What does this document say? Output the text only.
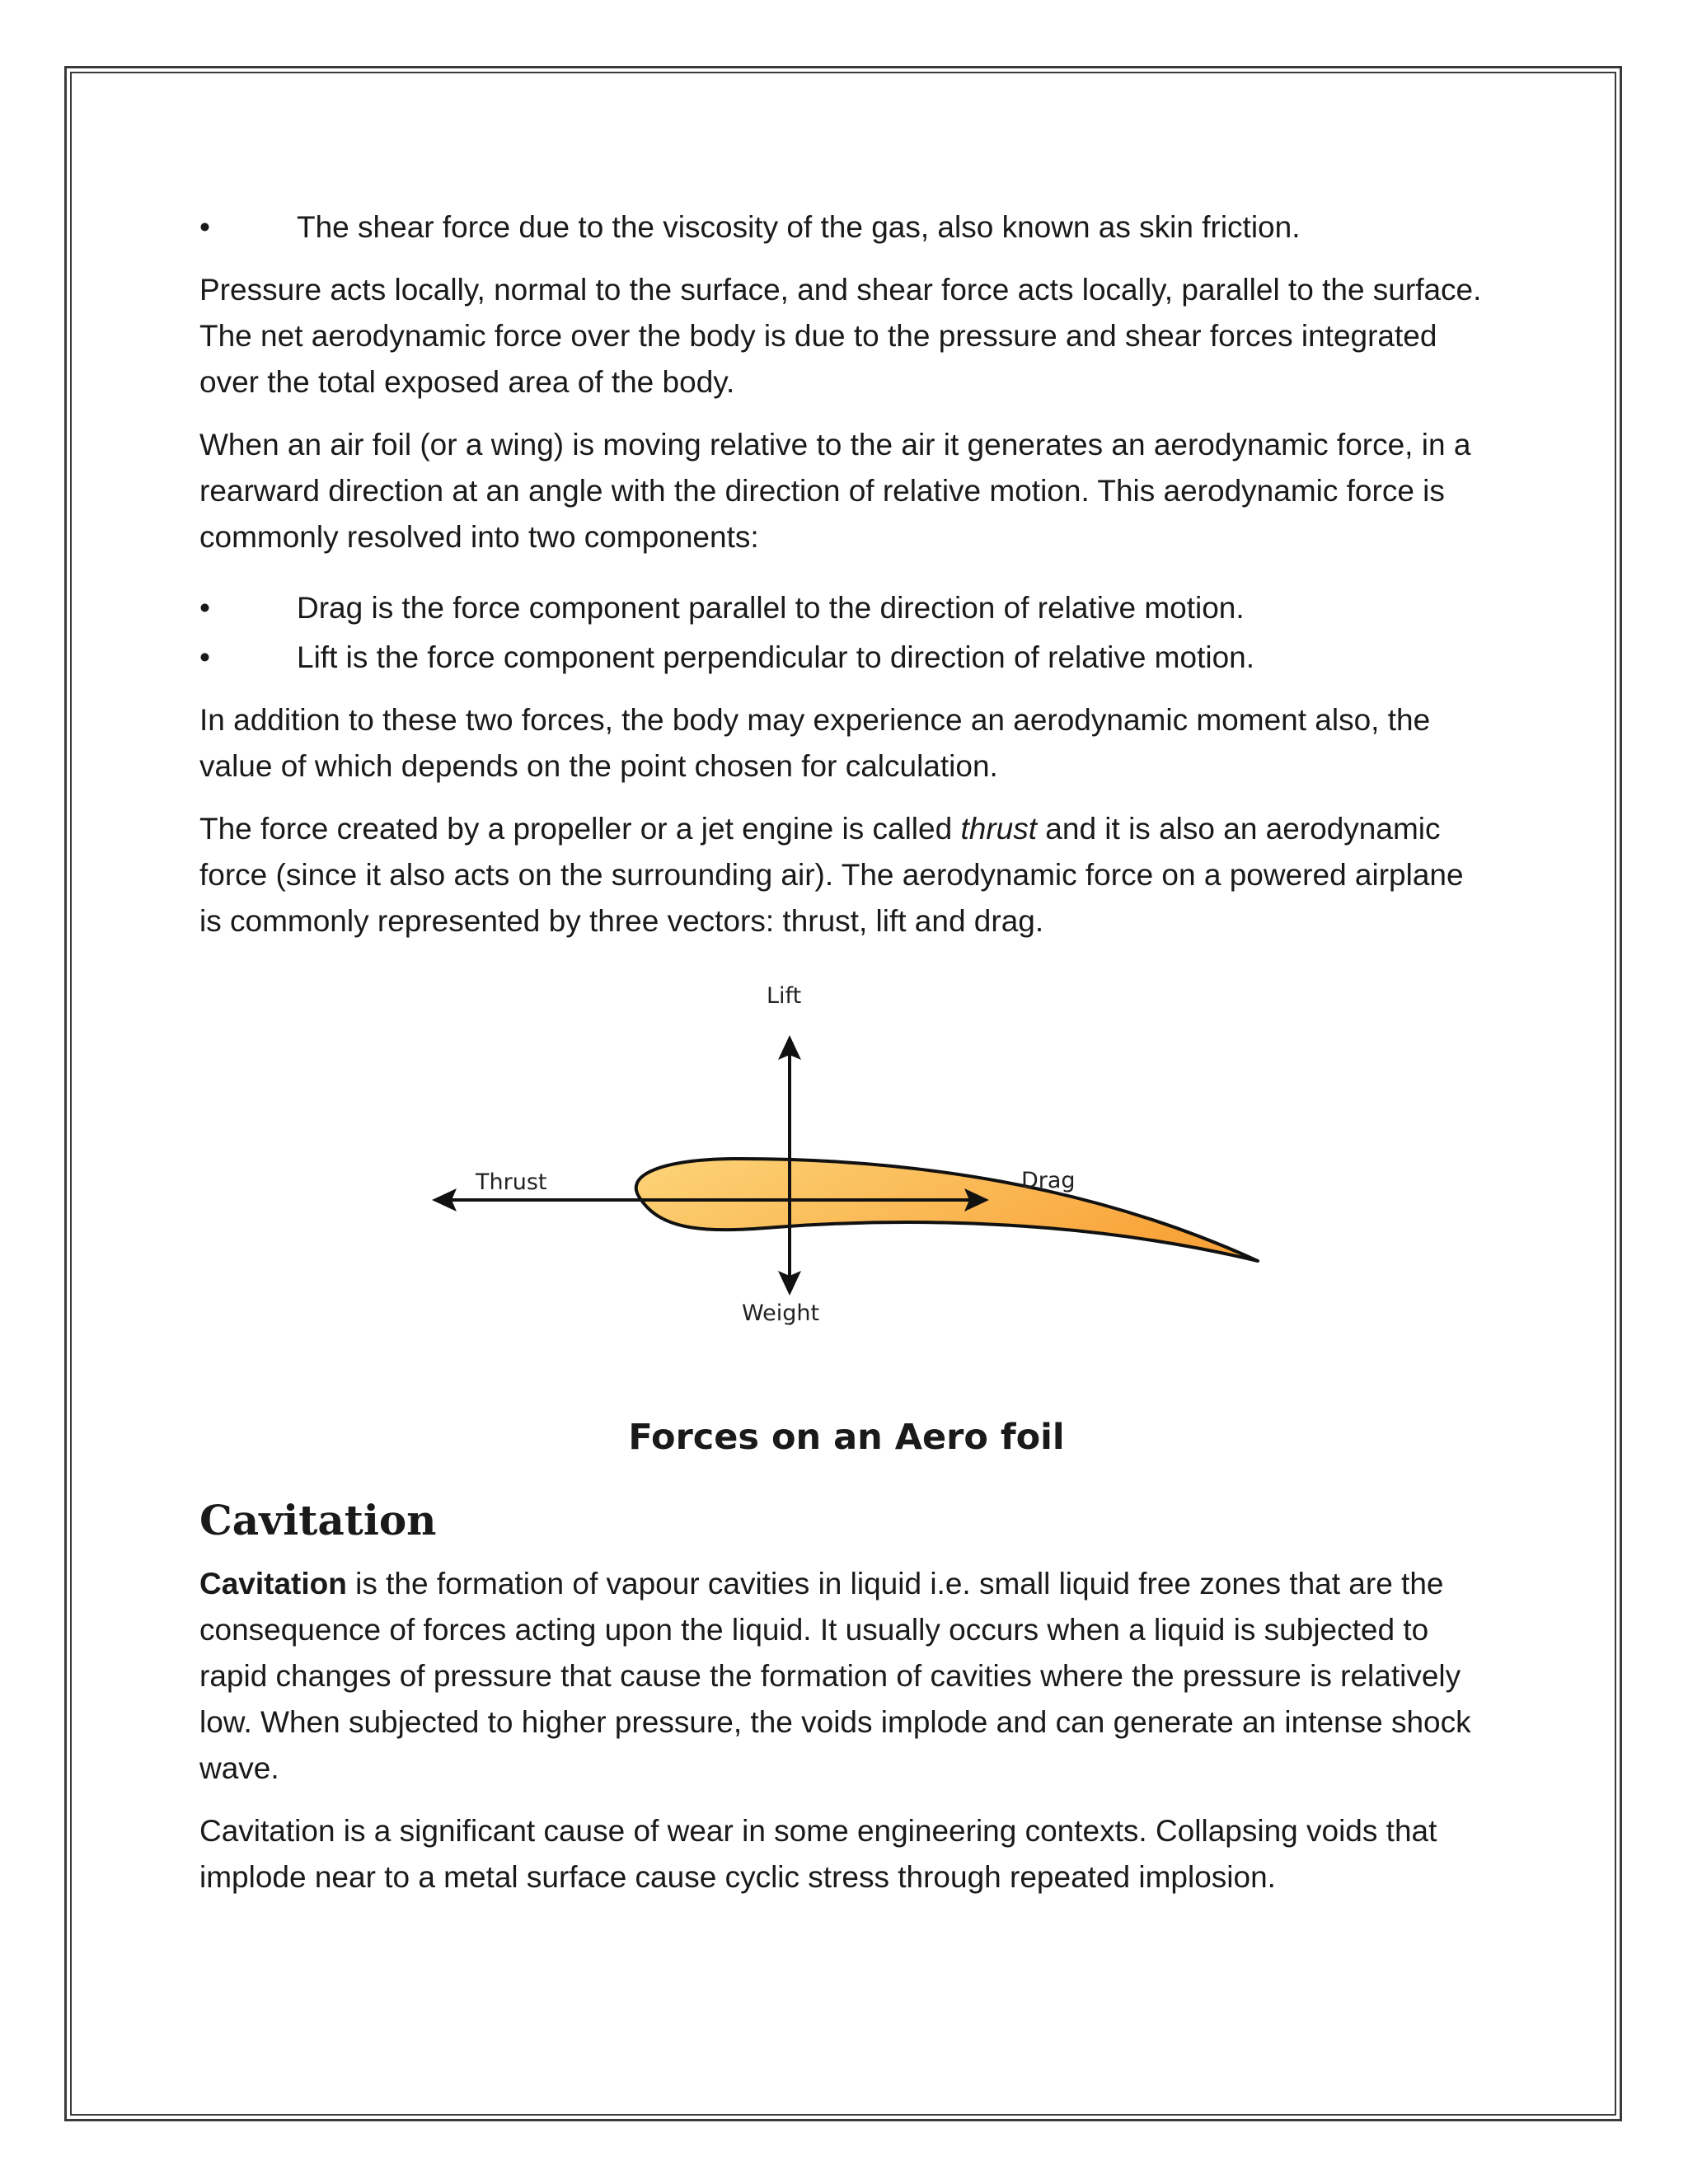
•	The shear force due to the viscosity of the gas, also known as skin friction.

Pressure acts locally, normal to the surface, and shear force acts locally, parallel to the surface. The net aerodynamic force over the body is due to the pressure and shear forces integrated over the total exposed area of the body.

When an air foil (or a wing) is moving relative to the air it generates an aerodynamic force, in a rearward direction at an angle with the direction of relative motion. This aerodynamic force is commonly resolved into two components:

•	Drag is the force component parallel to the direction of relative motion.
•	Lift is the force component perpendicular to direction of relative motion.

In addition to these two forces, the body may experience an aerodynamic moment also, the value of which depends on the point chosen for calculation.

The force created by a propeller or a jet engine is called thrust and it is also an aerodynamic force (since it also acts on the surrounding air). The aerodynamic force on a powered airplane is commonly represented by three vectors: thrust, lift and drag.

Lift
Thrust	Drag
Weight
Forces on an Aero foil
Cavitation

Cavitation is the formation of vapour cavities in liquid i.e. small liquid free zones that are the consequence of forces acting upon the liquid. It usually occurs when a liquid is subjected to rapid changes of pressure that cause the formation of cavities where the pressure is relatively low. When subjected to higher pressure, the voids implode and can generate an intense shock wave.

Cavitation is a significant cause of wear in some engineering contexts. Collapsing voids that implode near to a metal surface cause cyclic stress through repeated implosion.
